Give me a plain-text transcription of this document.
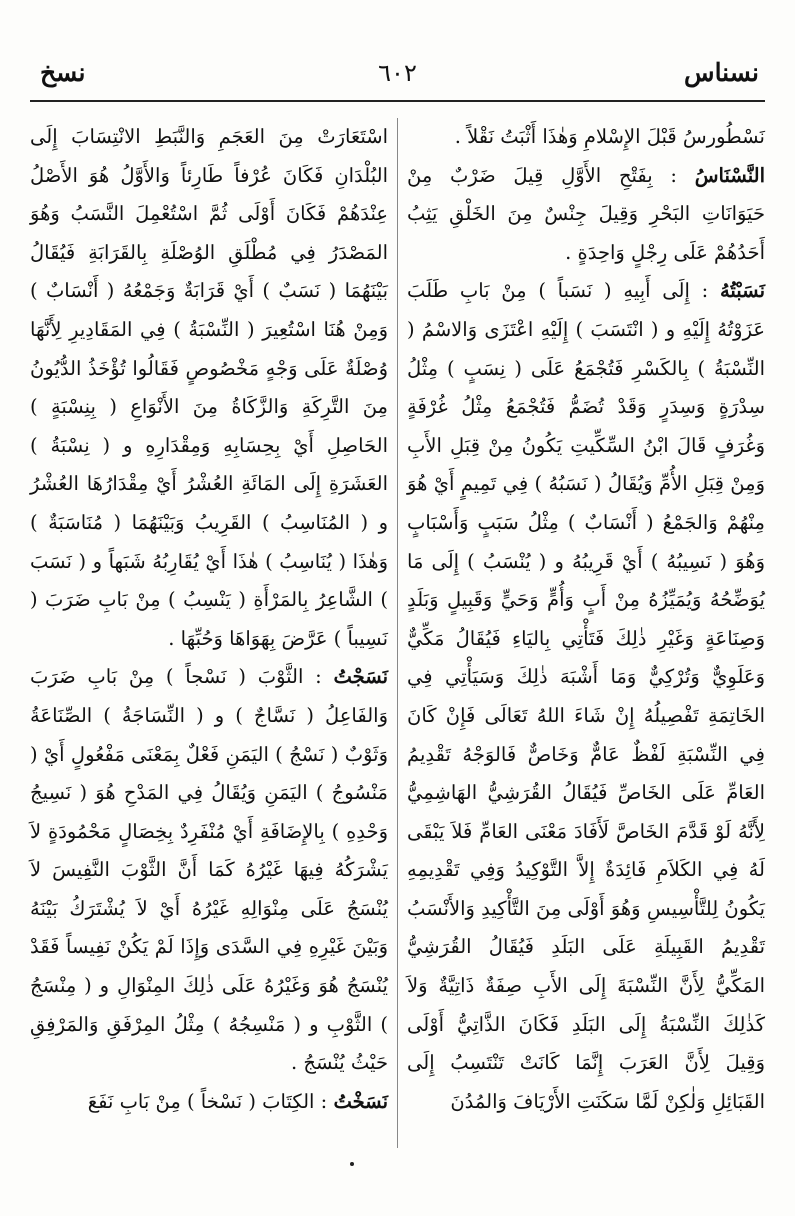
نسناس
٦٠٢
نسخ

نَسْطُورسُ قَبْلَ الإِسْلامِ وَهٰذَا أَثْبَتُ نَقْلاً .

النَّسْنَاسُ : بِفَتْحِ الأَوَّلِ قِيلَ ضَرْبٌ مِنْ حَيَوَانَاتِ البَحْرِ وَقِيلَ جِنْسٌ مِنَ الخَلْقِ يَثِبُ أَحَدُهُمْ عَلَى رِجْلٍ وَاحِدَةٍ .

نَسَبْتُهُ : إِلَى أَبِيهِ ( نَسَباً ) مِنْ بَابِ طَلَبَ عَزَوْتُهُ إِلَيْهِ و ( انْتَسَبَ ) إِلَيْهِ اعْتَزَى وَالاسْمُ ( النِّسْبَةُ ) بِالكَسْرِ فَتُجْمَعُ عَلَى ( نِسَبٍ ) مِثْلُ سِدْرَةٍ وَسِدَرٍ وَقَدْ تُضَمُّ فَتُجْمَعُ مِثْلُ غُرْفَةٍ وَغُرَفٍ قَالَ ابْنُ السِّكِّيتِ يَكُونُ مِنْ قِبَلِ الأَبِ وَمِنْ قِبَلِ الأُمِّ وَيُقَالُ ( نَسَبُهُ ) فِي تَمِيمٍ أَيْ هُوَ مِنْهُمْ وَالجَمْعُ ( أَنْسَابٌ ) مِثْلُ سَبَبٍ وَأَسْبَابٍ وَهُوَ ( نَسِيبُهُ ) أَيْ قَرِيبُهُ و ( يُنْسَبُ ) إِلَى مَا يُوَضِّحُهُ وَيُمَيِّزُهُ مِنْ أَبٍ وَأُمٍّ وَحَيٍّ وَقَبِيلٍ وَبَلَدٍ وَصِنَاعَةٍ وَغَيْرِ ذٰلِكَ فَتَأْتِي بِاليَاءِ فَيُقَالُ مَكِّيٌّ وَعَلَوِيٌّ وَتُرْكِيٌّ وَمَا أَشْبَهَ ذٰلِكَ وَسَيَأْتِي فِي الخَاتِمَةِ تَفْصِيلُهُ إِنْ شَاءَ اللهُ تَعَالَى فَإِنْ كَانَ فِي النِّسْبَةِ لَفْظٌ عَامٌّ وَخَاصٌّ فَالوَجْهُ تَقْدِيمُ العَامِّ عَلَى الخَاصِّ فَيُقَالُ القُرَشِيُّ الهَاشِمِيُّ لِأَنَّهُ لَوْ قَدَّمَ الخَاصَّ لَأَفَادَ مَعْنَى العَامِّ فَلاَ يَبْقَى لَهُ فِي الكَلاَمِ فَائِدَةٌ إِلاَّ التَّوْكِيدُ وَفِي تَقْدِيمِهِ يَكُونُ لِلتَّأْسِيسِ وَهُوَ أَوْلَى مِنَ التَّأْكِيدِ وَالأَنْسَبُ تَقْدِيمُ القَبِيلَةِ عَلَى البَلَدِ فَيُقَالُ القُرَشِيُّ المَكِّيُّ لِأَنَّ النِّسْبَةَ إِلَى الأَبِ صِفَةٌ ذَاتِيَّةٌ وَلاَ كَذٰلِكَ النِّسْبَةُ إِلَى البَلَدِ فَكَانَ الذَّاتِيُّ أَوْلَى وَقِيلَ لِأَنَّ العَرَبَ إِنَّمَا كَانَتْ تَنْتَسِبُ إِلَى القَبَائِلِ وَلٰكِنْ لَمَّا سَكَنَتِ الأَرْيَافَ وَالمُدُنَ

اسْتَعَارَتْ مِنَ العَجَمِ وَالنَّبَطِ الانْتِسَابَ إِلَى البُلْدَانِ فَكَانَ عُرْفاً طَارِئاً وَالأَوَّلُ هُوَ الأَصْلُ عِنْدَهُمْ فَكَانَ أَوْلَى ثُمَّ اسْتُعْمِلَ النَّسَبُ وَهُوَ المَصْدَرُ فِي مُطْلَقِ الوُصْلَةِ بِالقَرَابَةِ فَيُقَالُ بَيْنَهُمَا ( نَسَبٌ ) أَيْ قَرَابَةٌ وَجَمْعُهُ ( أَنْسَابٌ ) وَمِنْ هُنَا اسْتُعِيرَ ( النِّسْبَةُ ) فِي المَقَادِيرِ لِأَنَّهَا وُصْلَةٌ عَلَى وَجْهٍ مَخْصُوصٍ فَقَالُوا تُؤْخَذُ الدُّيُونُ مِنَ التَّرِكَةِ وَالزَّكَاةُ مِنَ الأَنْوَاعِ ( بِنِسْبَةٍ ) الحَاصِلِ أَيْ بِحِسَابِهِ وَمِقْدَارِهِ و ( نِسْبَةُ ) العَشَرَةِ إِلَى المَائَةِ العُشْرُ أَيْ مِقْدَارُهَا العُشْرُ و ( المُنَاسِبُ ) القَرِيبُ وَبَيْنَهُمَا ( مُنَاسَبَةٌ ) وَهٰذَا ( يُنَاسِبُ ) هٰذَا أَيْ يُقَارِبُهُ شَبَهاً و ( نَسَبَ ) الشَّاعِرُ بِالمَرْأَةِ ( يَنْسِبُ ) مِنْ بَابِ ضَرَبَ ( نَسِيباً ) عَرَّضَ بِهَوَاهَا وَحُبِّهَا .

نَسَجْتُ : الثَّوْبَ ( نَسْجاً ) مِنْ بَابِ ضَرَبَ وَالفَاعِلُ ( نَسَّاجٌ ) و ( النِّسَاجَةُ ) الصِّنَاعَةُ وَثَوْبٌ ( نَسْجُ ) اليَمَنِ فَعْلٌ بِمَعْنَى مَفْعُولٍ أَيْ ( مَنْسُوجُ ) اليَمَنِ وَيُقَالُ فِي المَدْحِ هُوَ ( نَسِيجُ وَحْدِهِ ) بِالإِضَافَةِ أَيْ مُنْفَرِدٌ بِخِصَالٍ مَحْمُودَةٍ لاَ يَشْرَكُهُ فِيهَا غَيْرُهُ كَمَا أَنَّ الثَّوْبَ النَّفِيسَ لاَ يُنْسَجُ عَلَى مِنْوَالِهِ غَيْرُهُ أَيْ لاَ يُشْتَرَكُ بَيْنَهُ وَبَيْنَ غَيْرِهِ فِي السَّدَى وَإِذَا لَمْ يَكُنْ نَفِيساً فَقَدْ يُنْسَجُ هُوَ وَغَيْرُهُ عَلَى ذٰلِكَ المِنْوَالِ و ( مِنْسَجُ ) الثَّوْبِ و ( مَنْسِجُهُ ) مِثْلُ المِرْفَقِ وَالمَرْفِقِ حَيْثُ يُنْسَجُ .

نَسَخْتُ : الكِتَابَ ( نَسْخاً ) مِنْ بَابِ نَفَعَ
